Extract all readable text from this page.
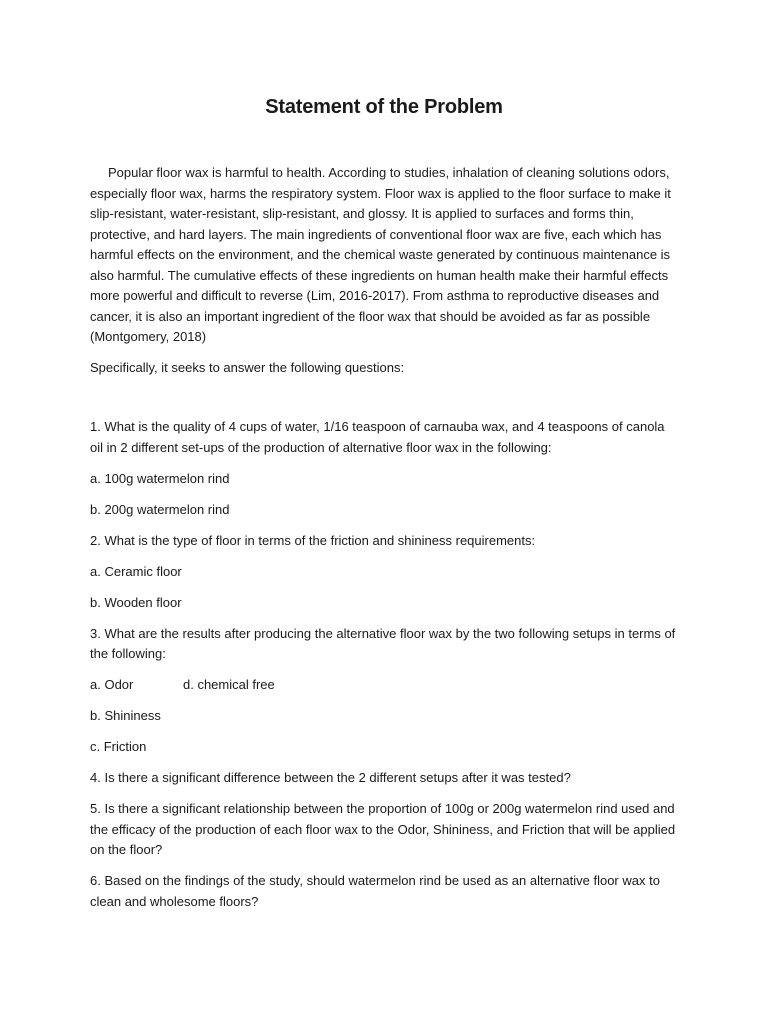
Statement of the Problem

Popular floor wax is harmful to health. According to studies, inhalation of cleaning solutions odors, especially floor wax, harms the respiratory system. Floor wax is applied to the floor surface to make it slip-resistant, water-resistant, slip-resistant, and glossy. It is applied to surfaces and forms thin, protective, and hard layers. The main ingredients of conventional floor wax are five, each which has harmful effects on the environment, and the chemical waste generated by continuous maintenance is also harmful. The cumulative effects of these ingredients on human health make their harmful effects more powerful and difficult to reverse (Lim, 2016-2017). From asthma to reproductive diseases and cancer, it is also an important ingredient of the floor wax that should be avoided as far as possible (Montgomery, 2018)

Specifically, it seeks to answer the following questions:

1. What is the quality of 4 cups of water, 1/16 teaspoon of carnauba wax, and 4 teaspoons of canola oil in 2 different set-ups of the production of alternative floor wax in the following:

a. 100g watermelon rind

b. 200g watermelon rind

2. What is the type of floor in terms of the friction and shininess requirements:

a. Ceramic floor

b. Wooden floor

3. What are the results after producing the alternative floor wax by the two following setups in terms of the following:

a. Odor	d. chemical free

b. Shininess

c. Friction

4. Is there a significant difference between the 2 different setups after it was tested?

5. Is there a significant relationship between the proportion of 100g or 200g watermelon rind used and the efficacy of the production of each floor wax to the Odor, Shininess, and Friction that will be applied on the floor?

6. Based on the findings of the study, should watermelon rind be used as an alternative floor wax to clean and wholesome floors?
